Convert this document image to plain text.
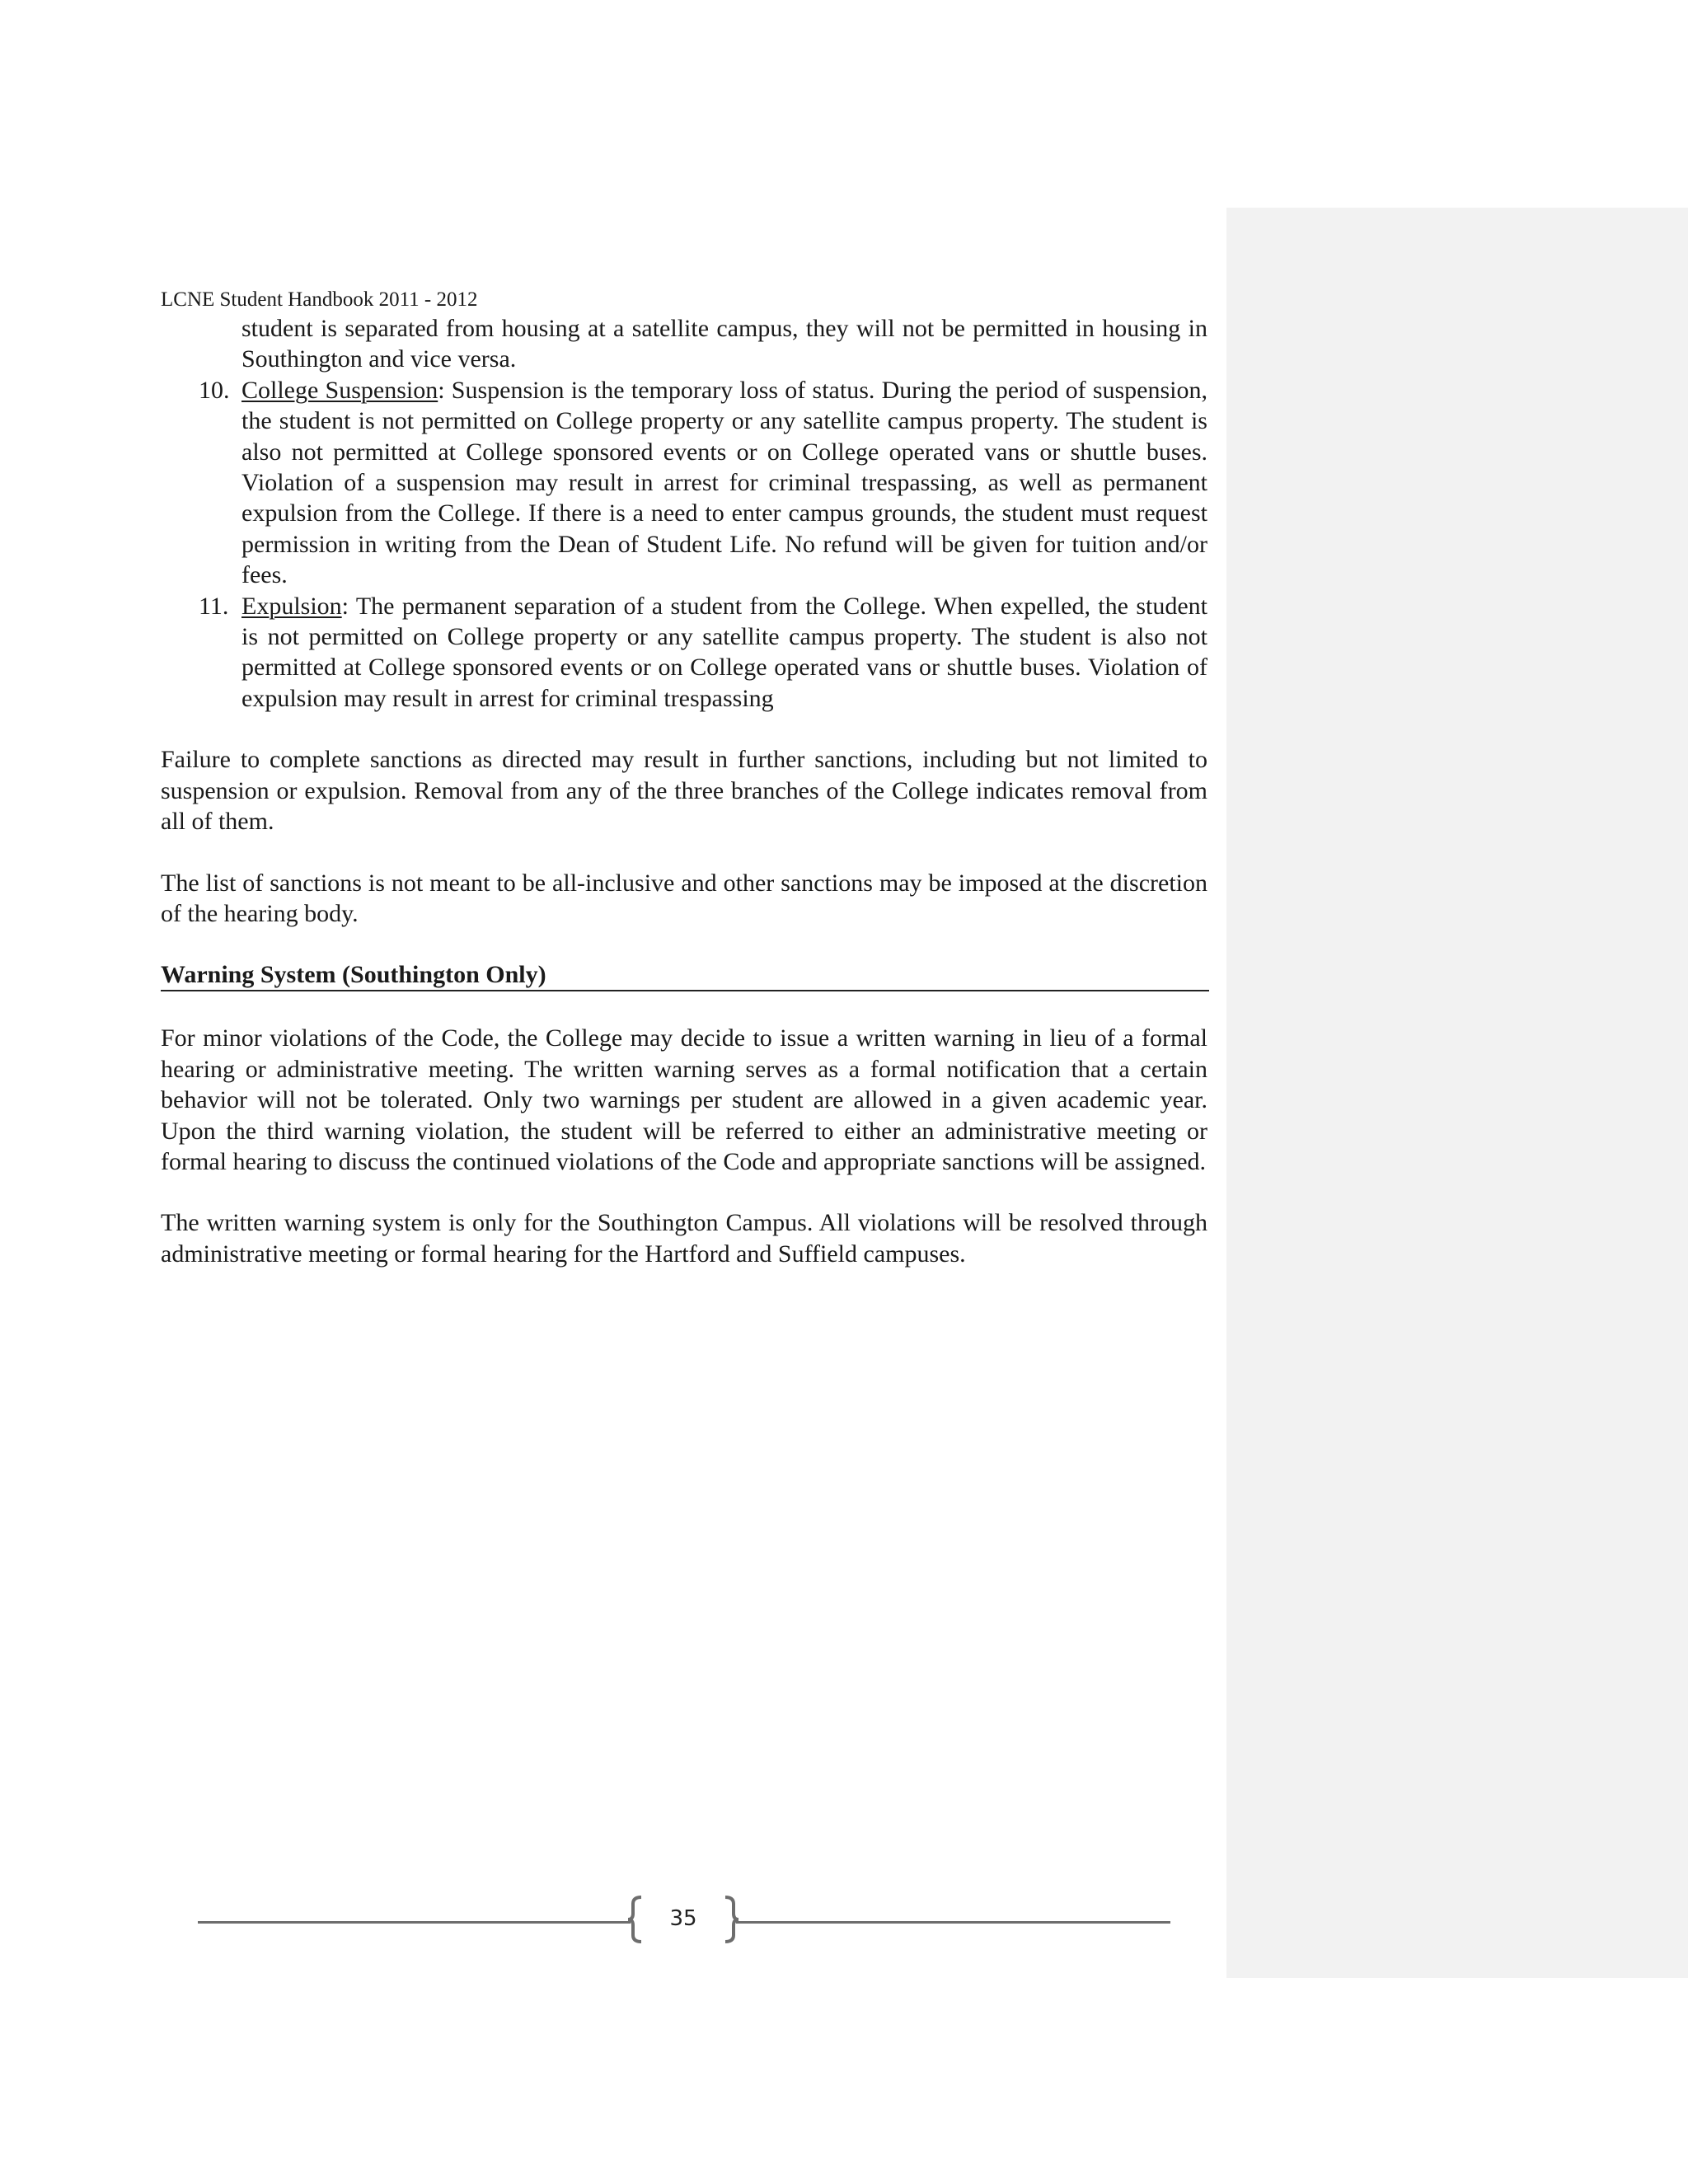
LCNE Student Handbook 2011 - 2012

student is separated from housing at a satellite campus, they will not be permitted in housing in Southington and vice versa.

10. College Suspension: Suspension is the temporary loss of status. During the period of suspension, the student is not permitted on College property or any satellite campus property. The student is also not permitted at College sponsored events or on College operated vans or shuttle buses. Violation of a suspension may result in arrest for criminal trespassing, as well as permanent expulsion from the College. If there is a need to enter campus grounds, the student must request permission in writing from the Dean of Student Life. No refund will be given for tuition and/or fees.

11. Expulsion: The permanent separation of a student from the College. When expelled, the student is not permitted on College property or any satellite campus property. The student is also not permitted at College sponsored events or on College operated vans or shuttle buses. Violation of expulsion may result in arrest for criminal trespassing

Failure to complete sanctions as directed may result in further sanctions, including but not limited to suspension or expulsion. Removal from any of the three branches of the College indicates removal from all of them.

The list of sanctions is not meant to be all-inclusive and other sanctions may be imposed at the discretion of the hearing body.

Warning System (Southington Only)

For minor violations of the Code, the College may decide to issue a written warning in lieu of a formal hearing or administrative meeting. The written warning serves as a formal notification that a certain behavior will not be tolerated. Only two warnings per student are allowed in a given academic year. Upon the third warning violation, the student will be referred to either an administrative meeting or formal hearing to discuss the continued violations of the Code and appropriate sanctions will be assigned.

The written warning system is only for the Southington Campus. All violations will be resolved through administrative meeting or formal hearing for the Hartford and Suffield campuses.

35
